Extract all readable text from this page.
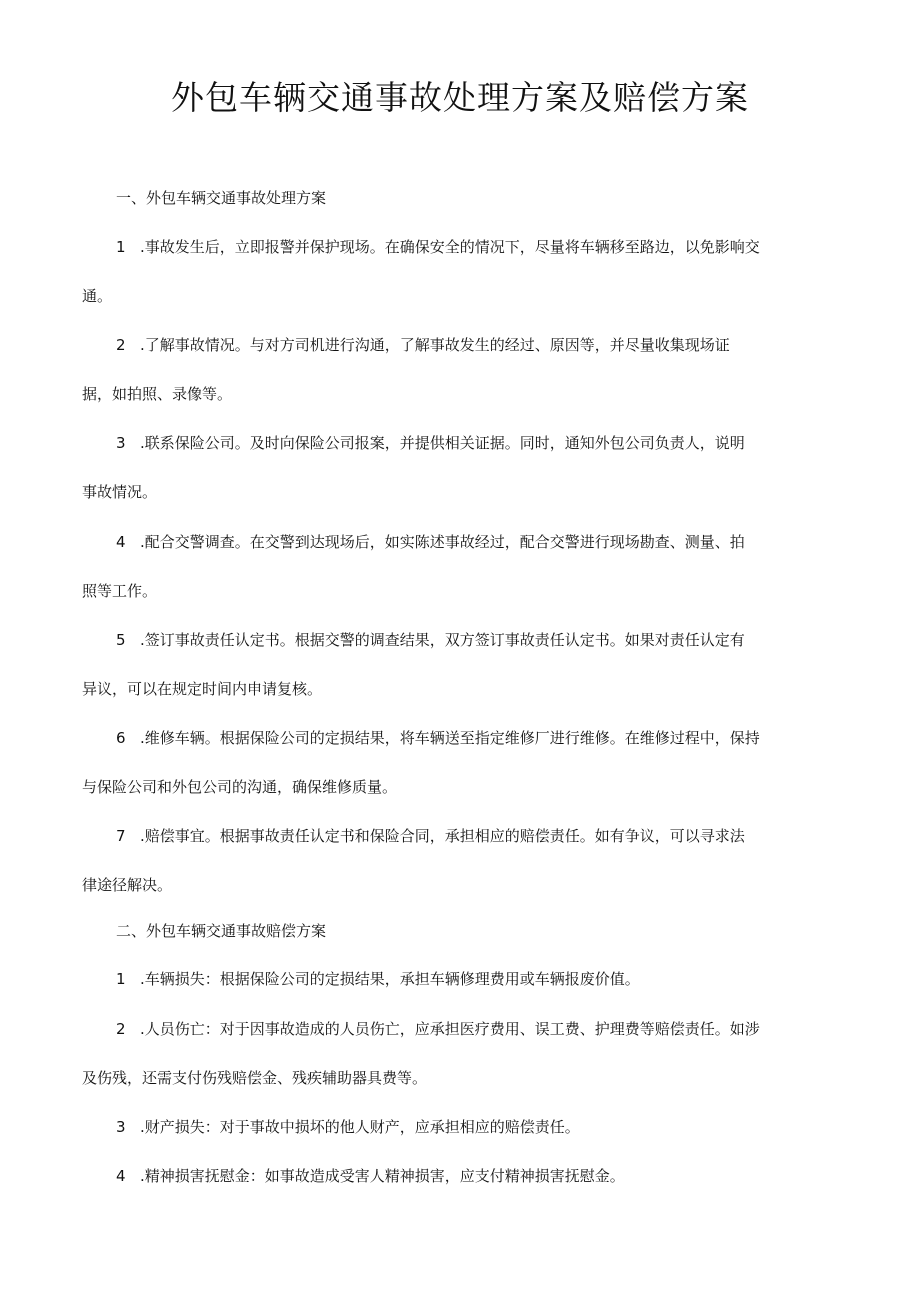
外包车辆交通事故处理方案及赔偿方案

一、外包车辆交通事故处理方案

1 .事故发生后，立即报警并保护现场。在确保安全的情况下，尽量将车辆移至路边，以免影响交
通。
2 .了解事故情况。与对方司机进行沟通，了解事故发生的经过、原因等，并尽量收集现场证
据，如拍照、录像等。
3 .联系保险公司。及时向保险公司报案，并提供相关证据。同时，通知外包公司负责人，说明
事故情况。
4 .配合交警调查。在交警到达现场后，如实陈述事故经过，配合交警进行现场勘查、测量、拍
照等工作。
5 .签订事故责任认定书。根据交警的调查结果，双方签订事故责任认定书。如果对责任认定有
异议，可以在规定时间内申请复核。
6 .维修车辆。根据保险公司的定损结果，将车辆送至指定维修厂进行维修。在维修过程中，保持
与保险公司和外包公司的沟通，确保维修质量。
7 .赔偿事宜。根据事故责任认定书和保险合同，承担相应的赔偿责任。如有争议，可以寻求法
律途径解决。

二、外包车辆交通事故赔偿方案

1 .车辆损失：根据保险公司的定损结果，承担车辆修理费用或车辆报废价值。
2 .人员伤亡：对于因事故造成的人员伤亡，应承担医疗费用、误工费、护理费等赔偿责任。如涉
及伤残，还需支付伤残赔偿金、残疾辅助器具费等。
3 .财产损失：对于事故中损坏的他人财产，应承担相应的赔偿责任。
4 .精神损害抚慰金：如事故造成受害人精神损害，应支付精神损害抚慰金。
